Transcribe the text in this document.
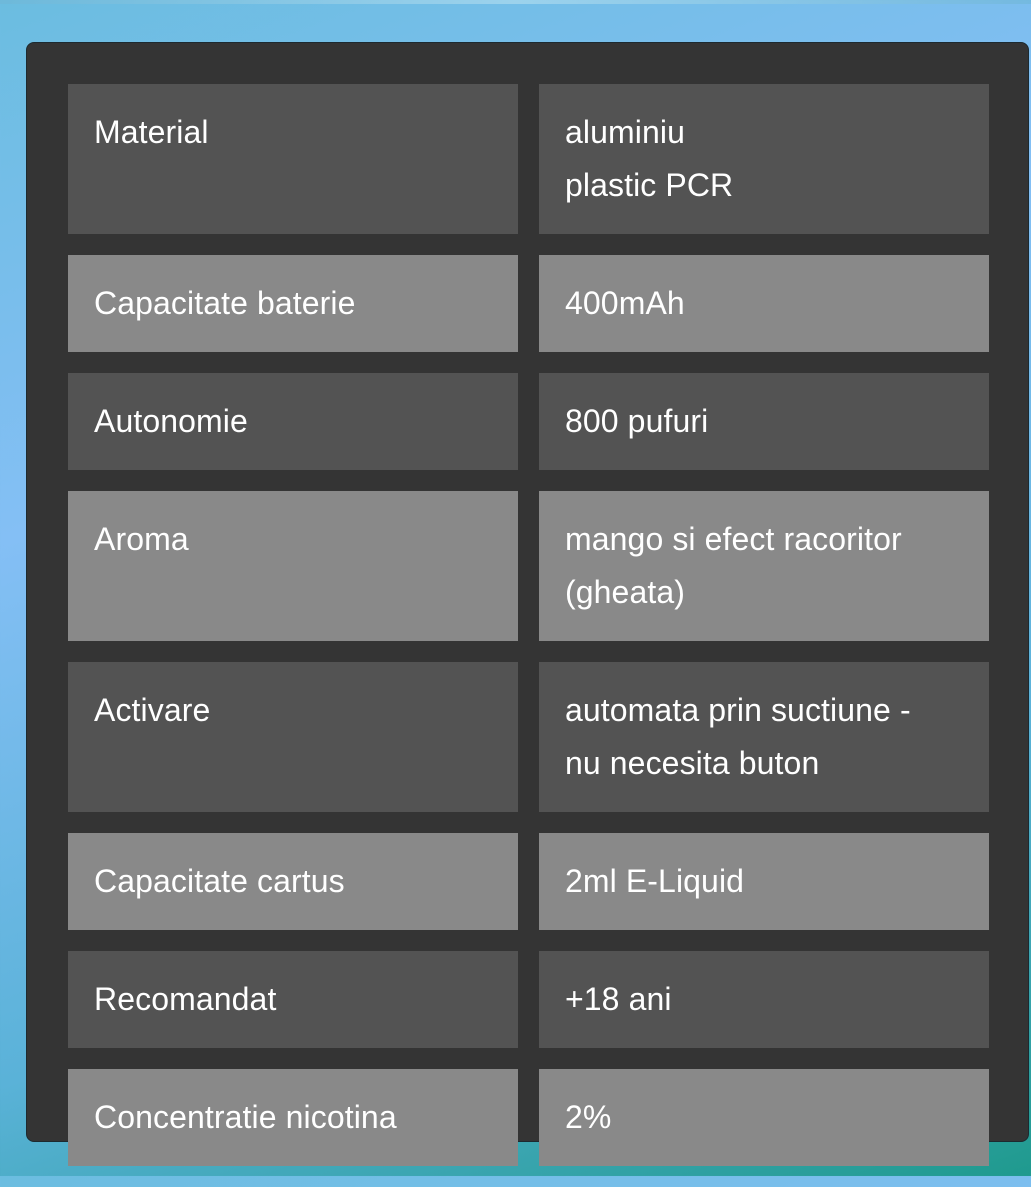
Material	aluminiu
plastic PCR

Capacitate baterie	400mAh

Autonomie	800 pufuri

Aroma	mango si efect racoritor
(gheata)

Activare	automata prin suctiune -
nu necesita buton

Capacitate cartus	2ml E-Liquid

Recomandat	+18 ani

Concentratie nicotina	2%
